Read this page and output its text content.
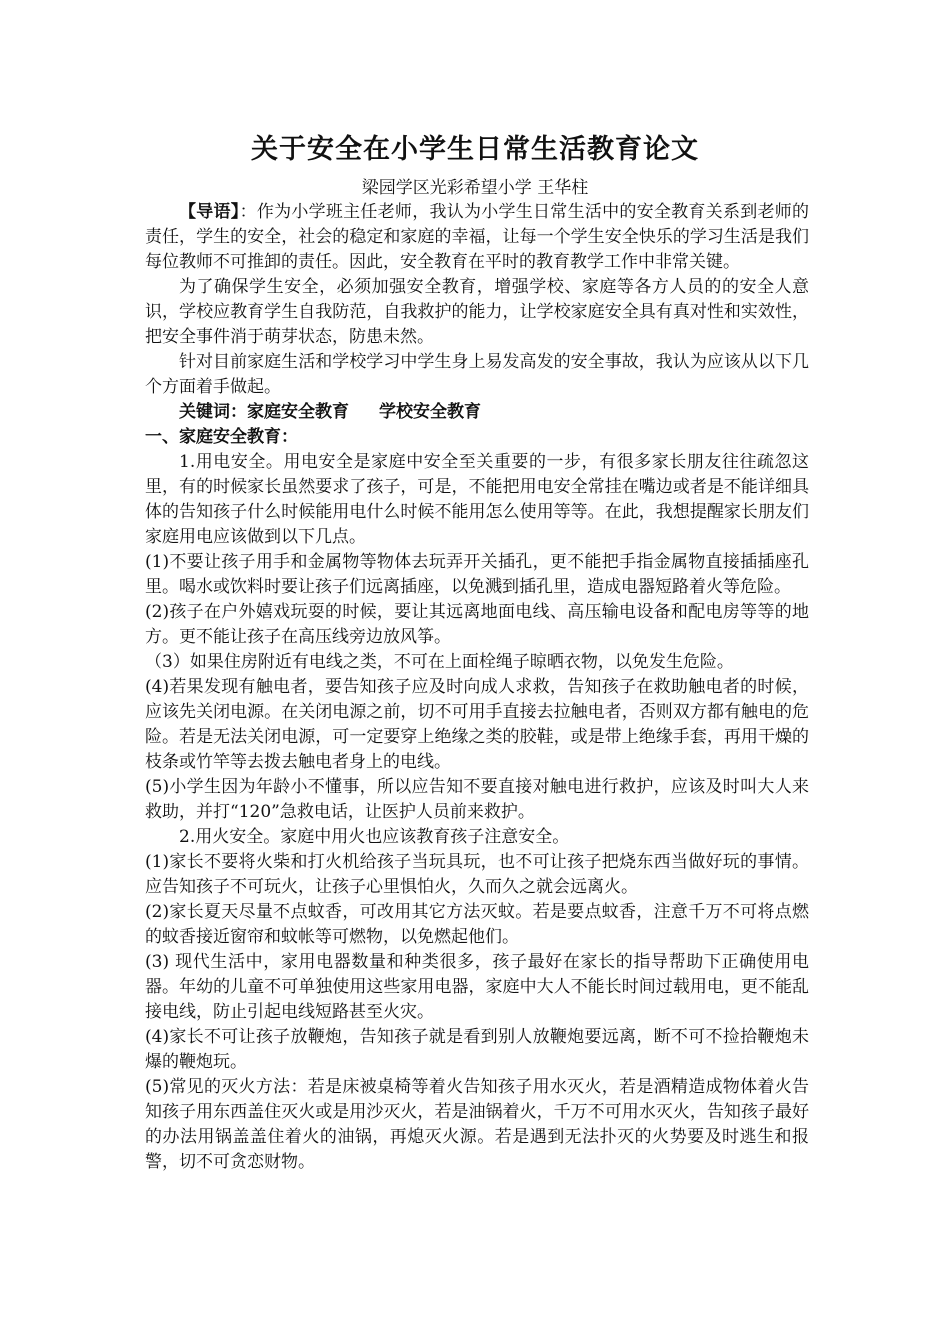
关于安全在小学生日常生活教育论文
梁园学区光彩希望小学 王华柱

【导语】：作为小学班主任老师，我认为小学生日常生活中的安全教育关系到老师的责任，学生的安全，社会的稳定和家庭的幸福，让每一个学生安全快乐的学习生活是我们每位教师不可推卸的责任。因此，安全教育在平时的教育教学工作中非常关键。

为了确保学生安全，必须加强安全教育，增强学校、家庭等各方人员的的安全人意识，学校应教育学生自我防范，自我救护的能力，让学校家庭安全具有真对性和实效性，把安全事件消于萌芽状态，防患未然。

针对目前家庭生活和学校学习中学生身上易发高发的安全事故，我认为应该从以下几个方面着手做起。

关键词：家庭安全教育 学校安全教育

一、家庭安全教育：

1.用电安全。用电安全是家庭中安全至关重要的一步，有很多家长朋友往往疏忽这里，有的时候家长虽然要求了孩子，可是，不能把用电安全常挂在嘴边或者是不能详细具体的告知孩子什么时候能用电什么时候不能用怎么使用等等。在此，我想提醒家长朋友们家庭用电应该做到以下几点。

(1)不要让孩子用手和金属物等物体去玩弄开关插孔，更不能把手指金属物直接插插座孔里。喝水或饮料时要让孩子们远离插座，以免溅到插孔里，造成电器短路着火等危险。

(2)孩子在户外嬉戏玩耍的时候，要让其远离地面电线、高压输电设备和配电房等等的地方。更不能让孩子在高压线旁边放风筝。

（3）如果住房附近有电线之类，不可在上面栓绳子晾晒衣物，以免发生危险。

(4)若果发现有触电者，要告知孩子应及时向成人求救，告知孩子在救助触电者的时候，应该先关闭电源。在关闭电源之前，切不可用手直接去拉触电者，否则双方都有触电的危险。若是无法关闭电源，可一定要穿上绝缘之类的胶鞋，或是带上绝缘手套，再用干燥的枝条或竹竿等去拨去触电者身上的电线。

(5)小学生因为年龄小不懂事，所以应告知不要直接对触电进行救护，应该及时叫大人来救助，并打“120”急救电话，让医护人员前来救护。

2.用火安全。家庭中用火也应该教育孩子注意安全。

(1)家长不要将火柴和打火机给孩子当玩具玩，也不可让孩子把烧东西当做好玩的事情。应告知孩子不可玩火，让孩子心里惧怕火，久而久之就会远离火。

(2)家长夏天尽量不点蚊香，可改用其它方法灭蚊。若是要点蚊香，注意千万不可将点燃的蚊香接近窗帘和蚊帐等可燃物，以免燃起他们。

(3) 现代生活中，家用电器数量和种类很多，孩子最好在家长的指导帮助下正确使用电器。年幼的儿童不可单独使用这些家用电器，家庭中大人不能长时间过载用电，更不能乱接电线，防止引起电线短路甚至火灾。

(4)家长不可让孩子放鞭炮，告知孩子就是看到别人放鞭炮要远离，断不可不捡拾鞭炮未爆的鞭炮玩。

(5)常见的灭火方法：若是床被桌椅等着火告知孩子用水灭火，若是酒精造成物体着火告知孩子用东西盖住灭火或是用沙灭火，若是油锅着火，千万不可用水灭火，告知孩子最好的办法用锅盖盖住着火的油锅，再熄灭火源。若是遇到无法扑灭的火势要及时逃生和报警，切不可贪恋财物。
